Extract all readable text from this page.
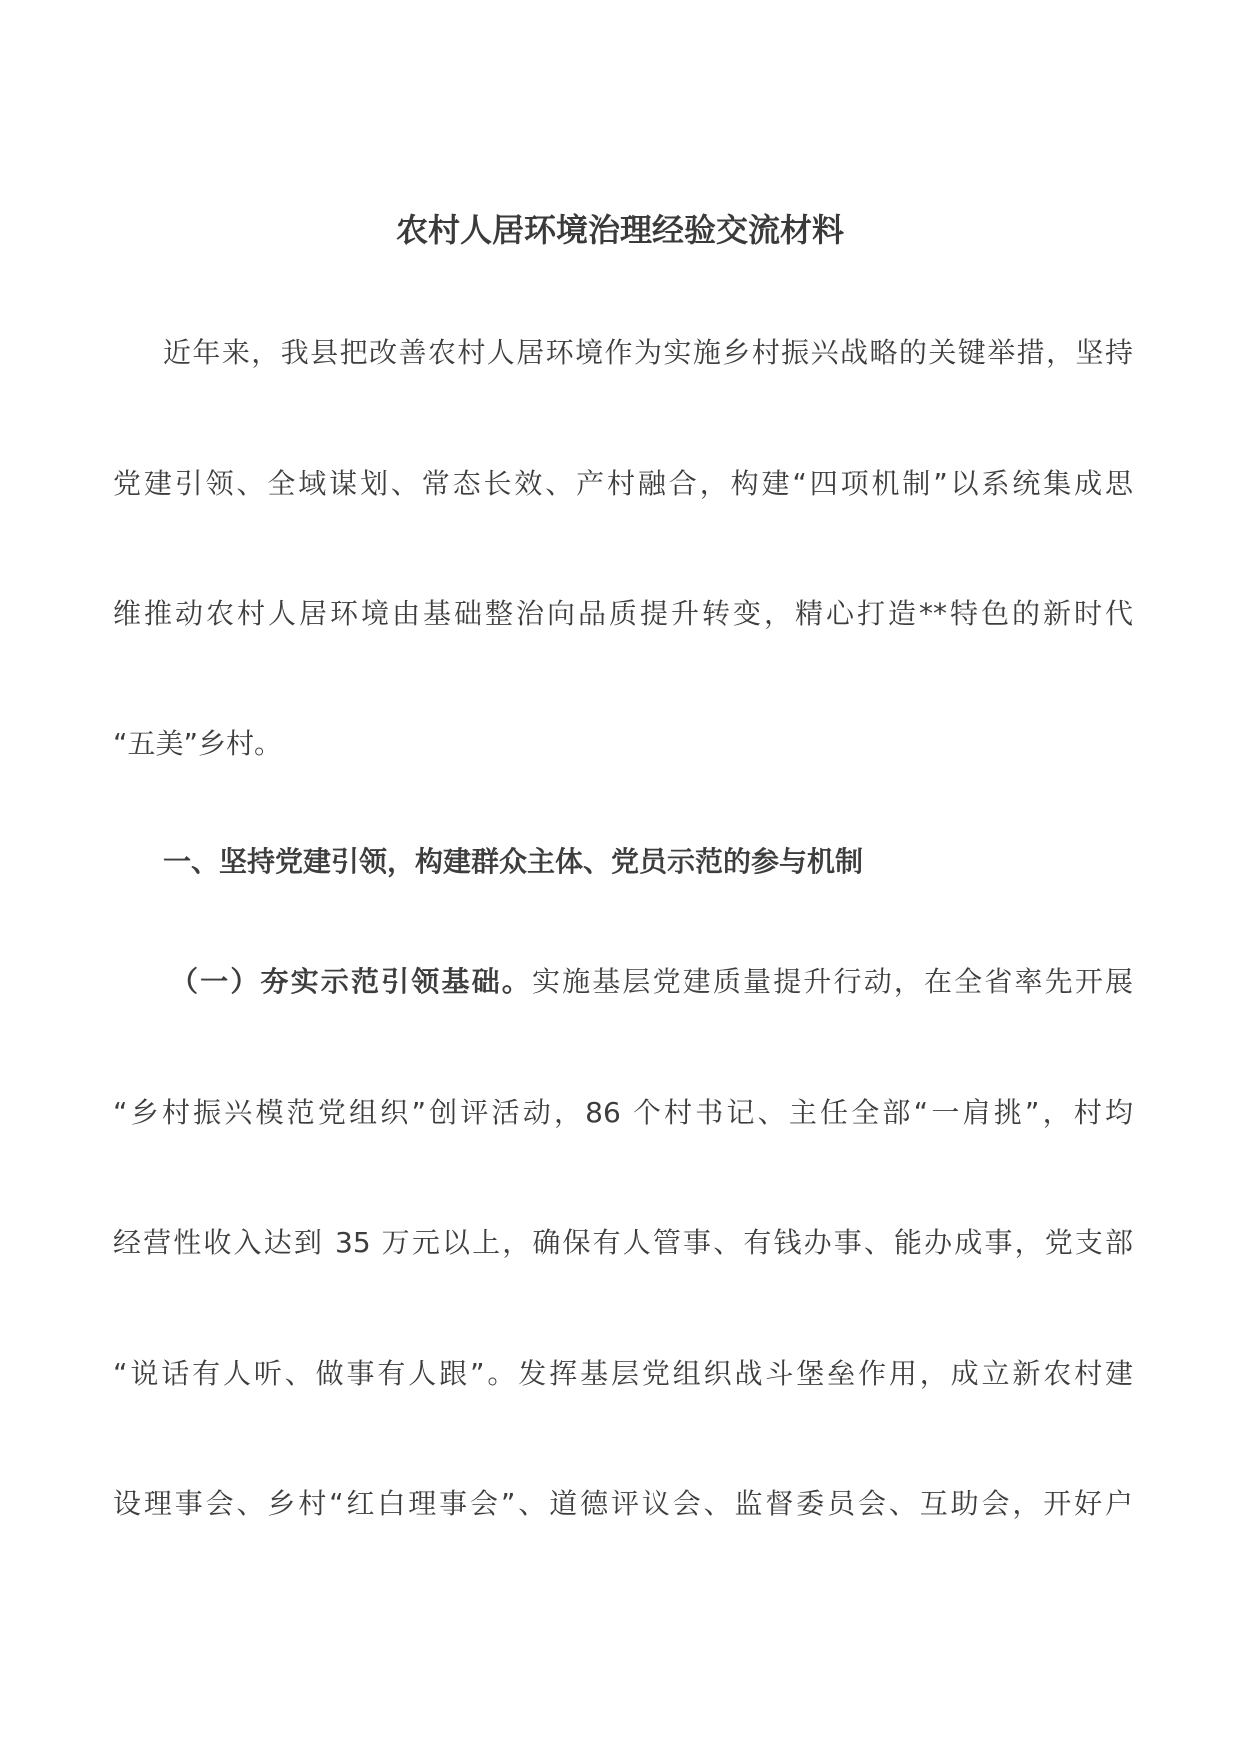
农村人居环境治理经验交流材料
近年来，我县把改善农村人居环境作为实施乡村振兴战略的关键举措，坚持
党建引领、全域谋划、常态长效、产村融合，构建“四项机制”以系统集成思
维推动农村人居环境由基础整治向品质提升转变，精心打造**特色的新时代
“五美”乡村。
一、坚持党建引领，构建群众主体、党员示范的参与机制
（一）夯实示范引领基础。实施基层党建质量提升行动，在全省率先开展
“乡村振兴模范党组织”创评活动，86 个村书记、主任全部“一肩挑”，村均
经营性收入达到 35 万元以上，确保有人管事、有钱办事、能办成事，党支部
“说话有人听、做事有人跟”。发挥基层党组织战斗堡垒作用，成立新农村建
设理事会、乡村“红白理事会”、道德评议会、监督委员会、互助会，开好户
